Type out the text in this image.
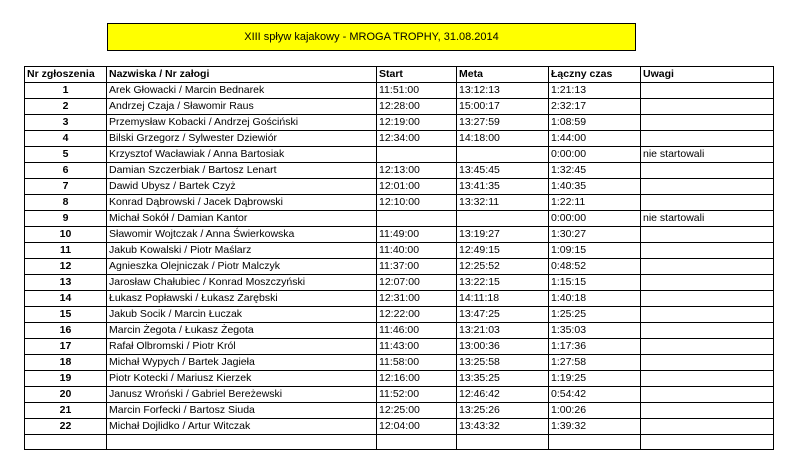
XIII spływ kajakowy - MROGA TROPHY, 31.08.2014
Nr zgłoszenia	Nazwiska / Nr załogi	Start	Meta	Łączny czas	Uwagi
1	Arek Głowacki / Marcin Bednarek	11:51:00	13:12:13	1:21:13	
2	Andrzej Czaja / Sławomir Raus	12:28:00	15:00:17	2:32:17	
3	Przemysław Kobacki / Andrzej Gościński	12:19:00	13:27:59	1:08:59	
4	Bilski Grzegorz / Sylwester Dziewiór	12:34:00	14:18:00	1:44:00	
5	Krzysztof Wacławiak / Anna Bartosiak			0:00:00	nie startowali
6	Damian Szczerbiak / Bartosz Lenart	12:13:00	13:45:45	1:32:45	
7	Dawid Ubysz / Bartek Czyż	12:01:00	13:41:35	1:40:35	
8	Konrad Dąbrowski / Jacek Dąbrowski	12:10:00	13:32:11	1:22:11	
9	Michał Sokół / Damian Kantor			0:00:00	nie startowali
10	Sławomir Wojtczak / Anna Świerkowska	11:49:00	13:19:27	1:30:27	
11	Jakub Kowalski / Piotr Maślarz	11:40:00	12:49:15	1:09:15	
12	Agnieszka Olejniczak / Piotr Malczyk	11:37:00	12:25:52	0:48:52	
13	Jarosław Chałubiec / Konrad Moszczyński	12:07:00	13:22:15	1:15:15	
14	Łukasz Popławski / Łukasz Zarębski	12:31:00	14:11:18	1:40:18	
15	Jakub Socik / Marcin Łuczak	12:22:00	13:47:25	1:25:25	
16	Marcin Żegota / Łukasz Żegota	11:46:00	13:21:03	1:35:03	
17	Rafał Olbromski / Piotr Król	11:43:00	13:00:36	1:17:36	
18	Michał Wypych / Bartek Jagieła	11:58:00	13:25:58	1:27:58	
19	Piotr Kotecki / Mariusz Kierzek	12:16:00	13:35:25	1:19:25	
20	Janusz Wroński / Gabriel Bereżewski	11:52:00	12:46:42	0:54:42	
21	Marcin Forfecki / Bartosz Siuda	12:25:00	13:25:26	1:00:26	
22	Michał Dojlidko / Artur Witczak	12:04:00	13:43:32	1:39:32	
